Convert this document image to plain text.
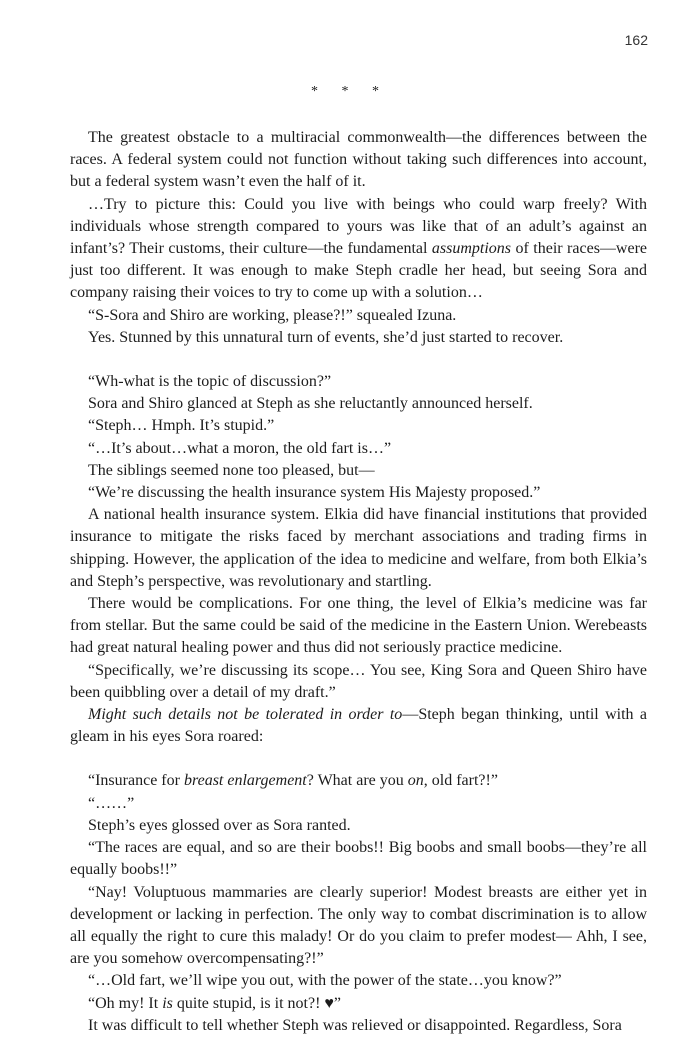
162
* * *

The greatest obstacle to a multiracial commonwealth—the differences between the races. A federal system could not function without taking such differences into account, but a federal system wasn’t even the half of it.

…Try to picture this: Could you live with beings who could warp freely? With individuals whose strength compared to yours was like that of an adult’s against an infant’s? Their customs, their culture—the fundamental assumptions of their races—were just too different. It was enough to make Steph cradle her head, but seeing Sora and company raising their voices to try to come up with a solution…

“S-Sora and Shiro are working, please?!” squealed Izuna.

Yes. Stunned by this unnatural turn of events, she’d just started to recover.

“Wh-what is the topic of discussion?”

Sora and Shiro glanced at Steph as she reluctantly announced herself.

“Steph… Hmph. It’s stupid.”

“…It’s about…what a moron, the old fart is…”

The siblings seemed none too pleased, but—

“We’re discussing the health insurance system His Majesty proposed.”

A national health insurance system. Elkia did have financial institutions that provided insurance to mitigate the risks faced by merchant associations and trading firms in shipping. However, the application of the idea to medicine and welfare, from both Elkia’s and Steph’s perspective, was revolutionary and startling.

There would be complications. For one thing, the level of Elkia’s medicine was far from stellar. But the same could be said of the medicine in the Eastern Union. Werebeasts had great natural healing power and thus did not seriously practice medicine.

“Specifically, we’re discussing its scope… You see, King Sora and Queen Shiro have been quibbling over a detail of my draft.”

Might such details not be tolerated in order to—Steph began thinking, until with a gleam in his eyes Sora roared:

“Insurance for breast enlargement? What are you on, old fart?!”

“……”

Steph’s eyes glossed over as Sora ranted.

“The races are equal, and so are their boobs!! Big boobs and small boobs—they’re all equally boobs!!”

“Nay! Voluptuous mammaries are clearly superior! Modest breasts are either yet in development or lacking in perfection. The only way to combat discrimination is to allow all equally the right to cure this malady! Or do you claim to prefer modest— Ahh, I see, are you somehow overcompensating?!”

“…Old fart, we’ll wipe you out, with the power of the state…you know?”

“Oh my! It is quite stupid, is it not?! ♥”

It was difficult to tell whether Steph was relieved or disappointed. Regardless, Sora
